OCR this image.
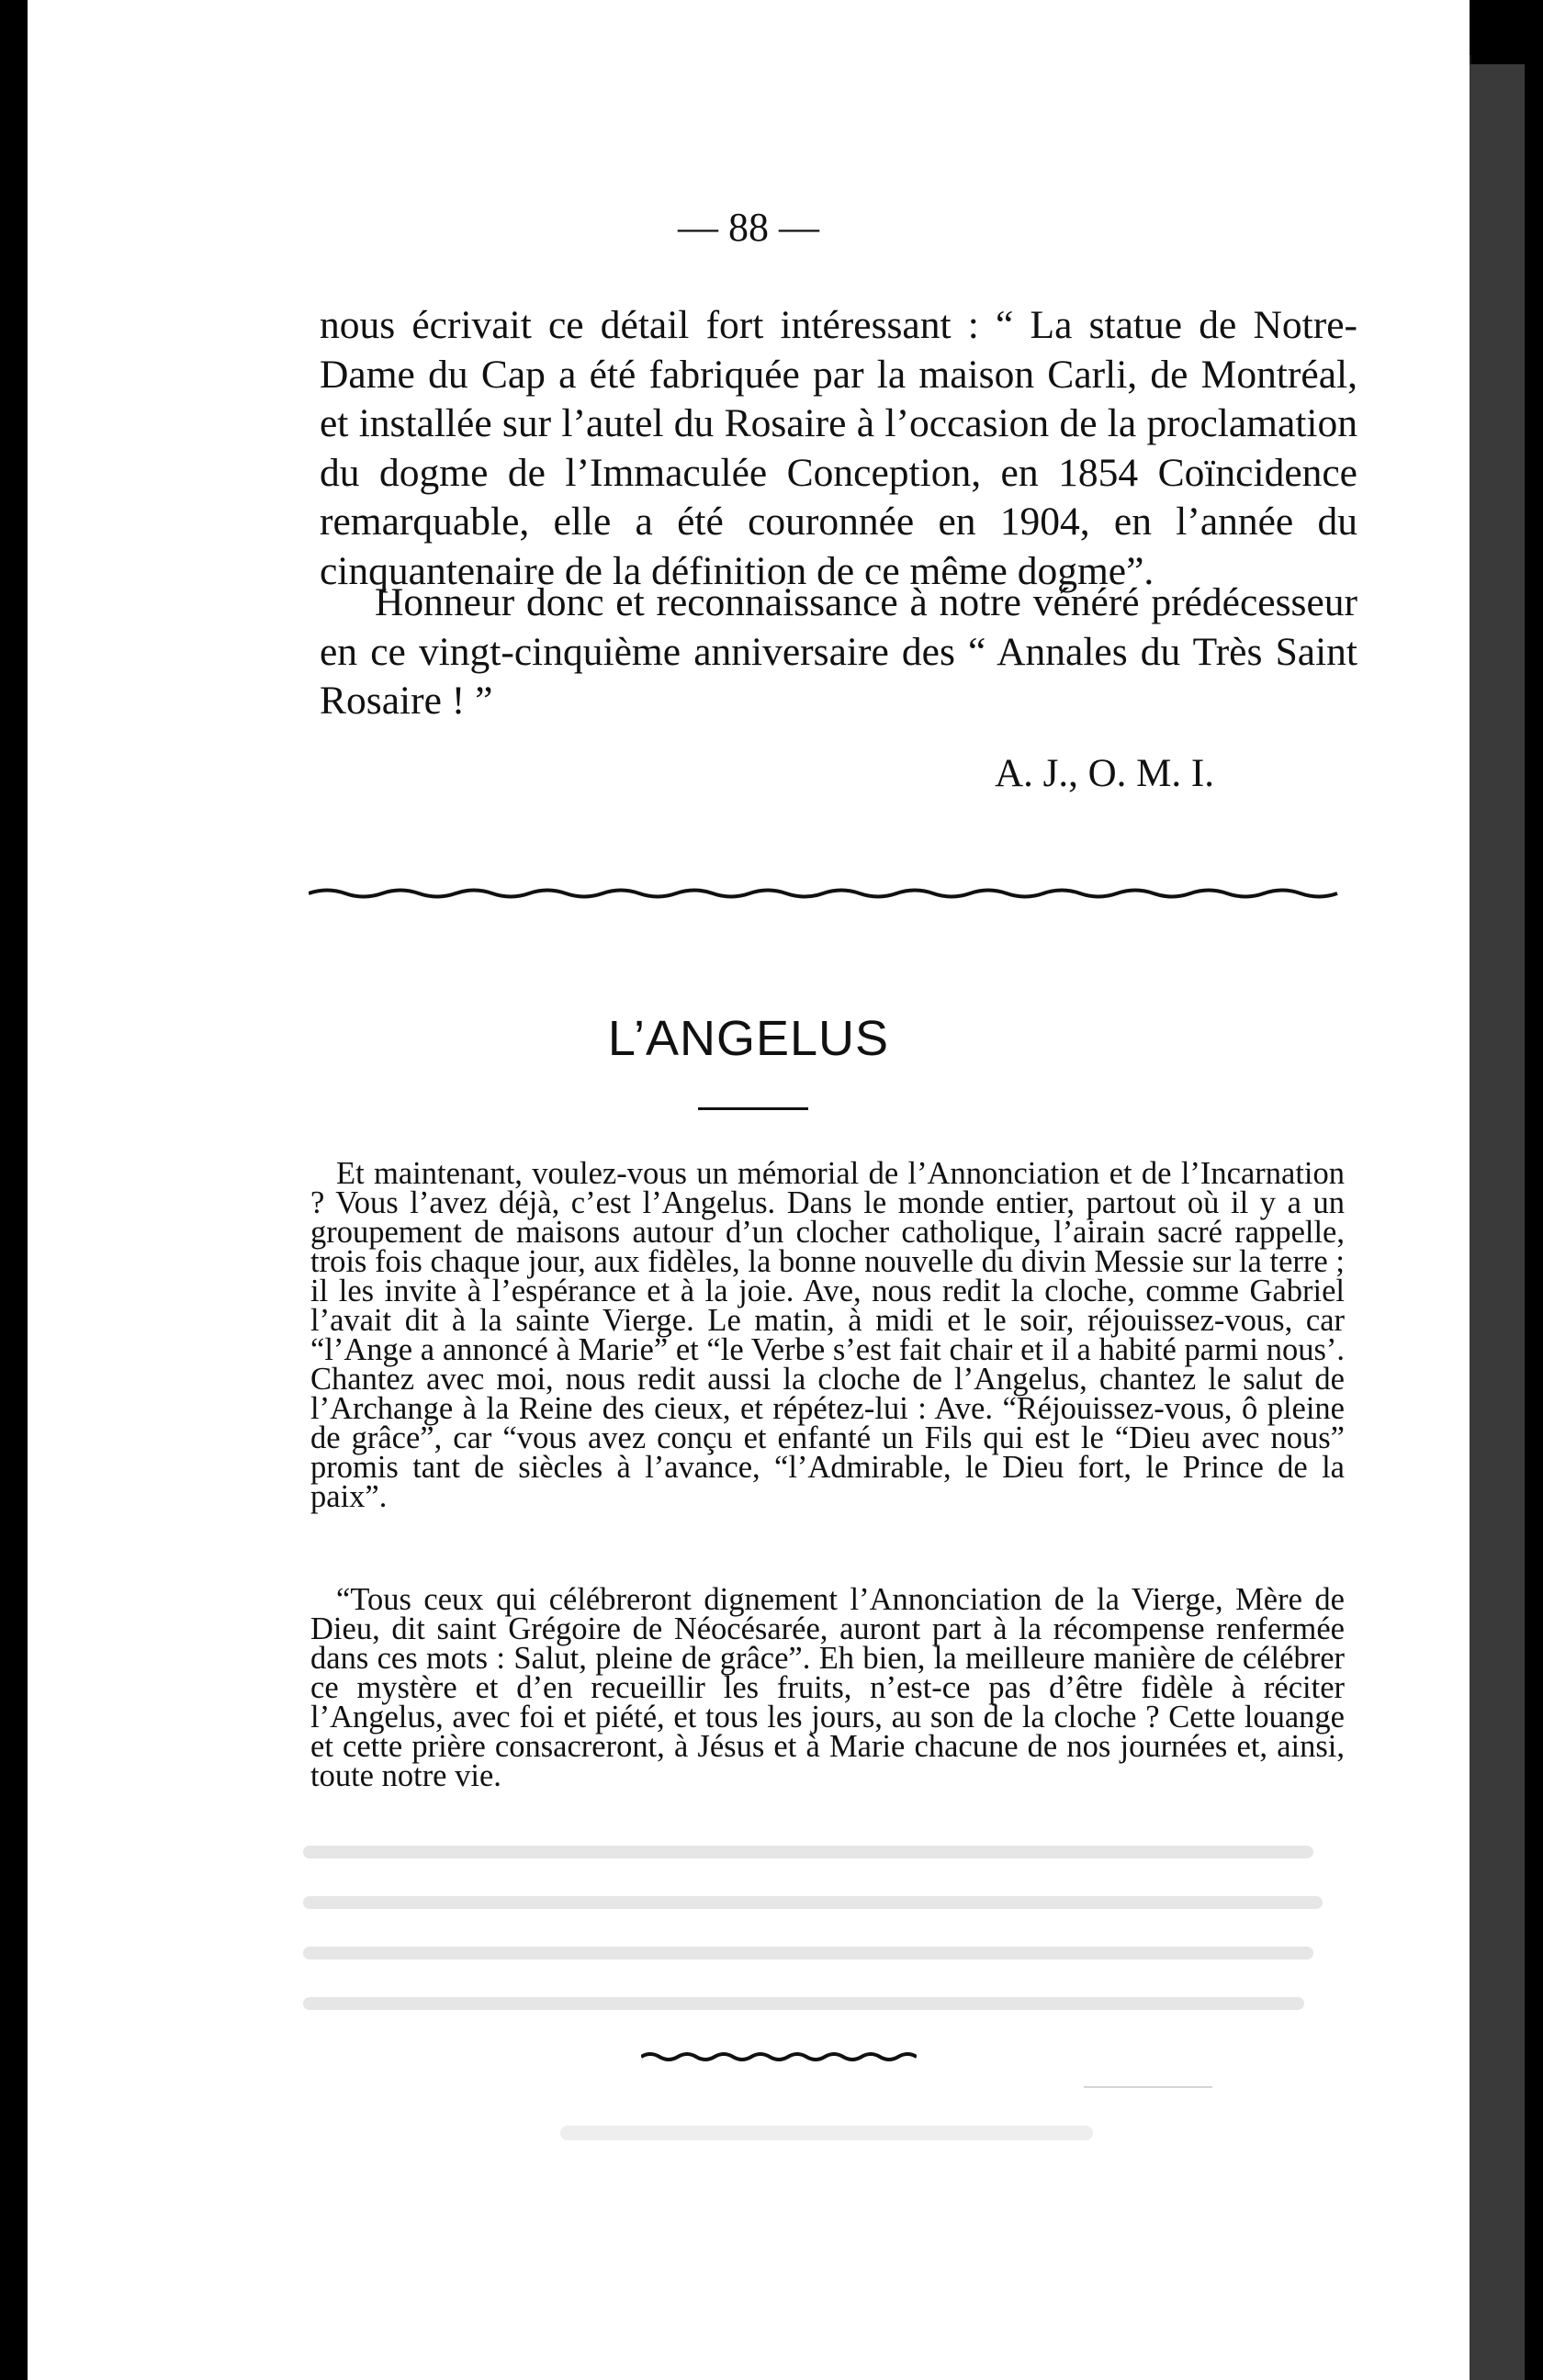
— 88 —

nous écrivait ce détail fort intéressant : “ La statue de Notre-Dame du Cap a été fabriquée par la maison Carli, de Montréal, et installée sur l’autel du Rosaire à l’occasion de la proclamation du dogme de l’Immaculée Conception, en 1854 Coïncidence remarquable, elle a été couronnée en 1904, en l’année du cinquantenaire de la définition de ce même dogme”.

Honneur donc et reconnaissance à notre vénéré prédécesseur en ce vingt-cinquième anniversaire des “ Annales du Très Saint Rosaire ! ”

A. J., O. M. I.
L’ANGELUS

Et maintenant, voulez-vous un mémorial de l’Annonciation et de l’Incarnation ? Vous l’avez déjà, c’est l’Angelus. Dans le monde entier, partout où il y a un groupement de maisons autour d’un clocher catholique, l’airain sacré rappelle, trois fois chaque jour, aux fidèles, la bonne nouvelle du divin Messie sur la terre ; il les invite à l’espérance et à la joie. Ave, nous redit la cloche, comme Gabriel l’avait dit à la sainte Vierge. Le matin, à midi et le soir, réjouissez-vous, car “l’Ange a annoncé à Marie” et “le Verbe s’est fait chair et il a habité parmi nous’. Chantez avec moi, nous redit aussi la cloche de l’Angelus, chantez le salut de l’Archange à la Reine des cieux, et répétez-lui : Ave. “Réjouissez-vous, ô pleine de grâce”, car “vous avez conçu et enfanté un Fils qui est le “Dieu avec nous” promis tant de siècles à l’avance, “l’Admirable, le Dieu fort, le Prince de la paix”.

“Tous ceux qui célébreront dignement l’Annonciation de la Vierge, Mère de Dieu, dit saint Grégoire de Néocésarée, auront part à la récompense renfermée dans ces mots : Salut, pleine de grâce”. Eh bien, la meilleure manière de célébrer ce mystère et d’en recueillir les fruits, n’est-ce pas d’être fidèle à réciter l’Angelus, avec foi et piété, et tous les jours, au son de la cloche ? Cette louange et cette prière consacreront, à Jésus et à Marie chacune de nos journées et, ainsi, toute notre vie.
